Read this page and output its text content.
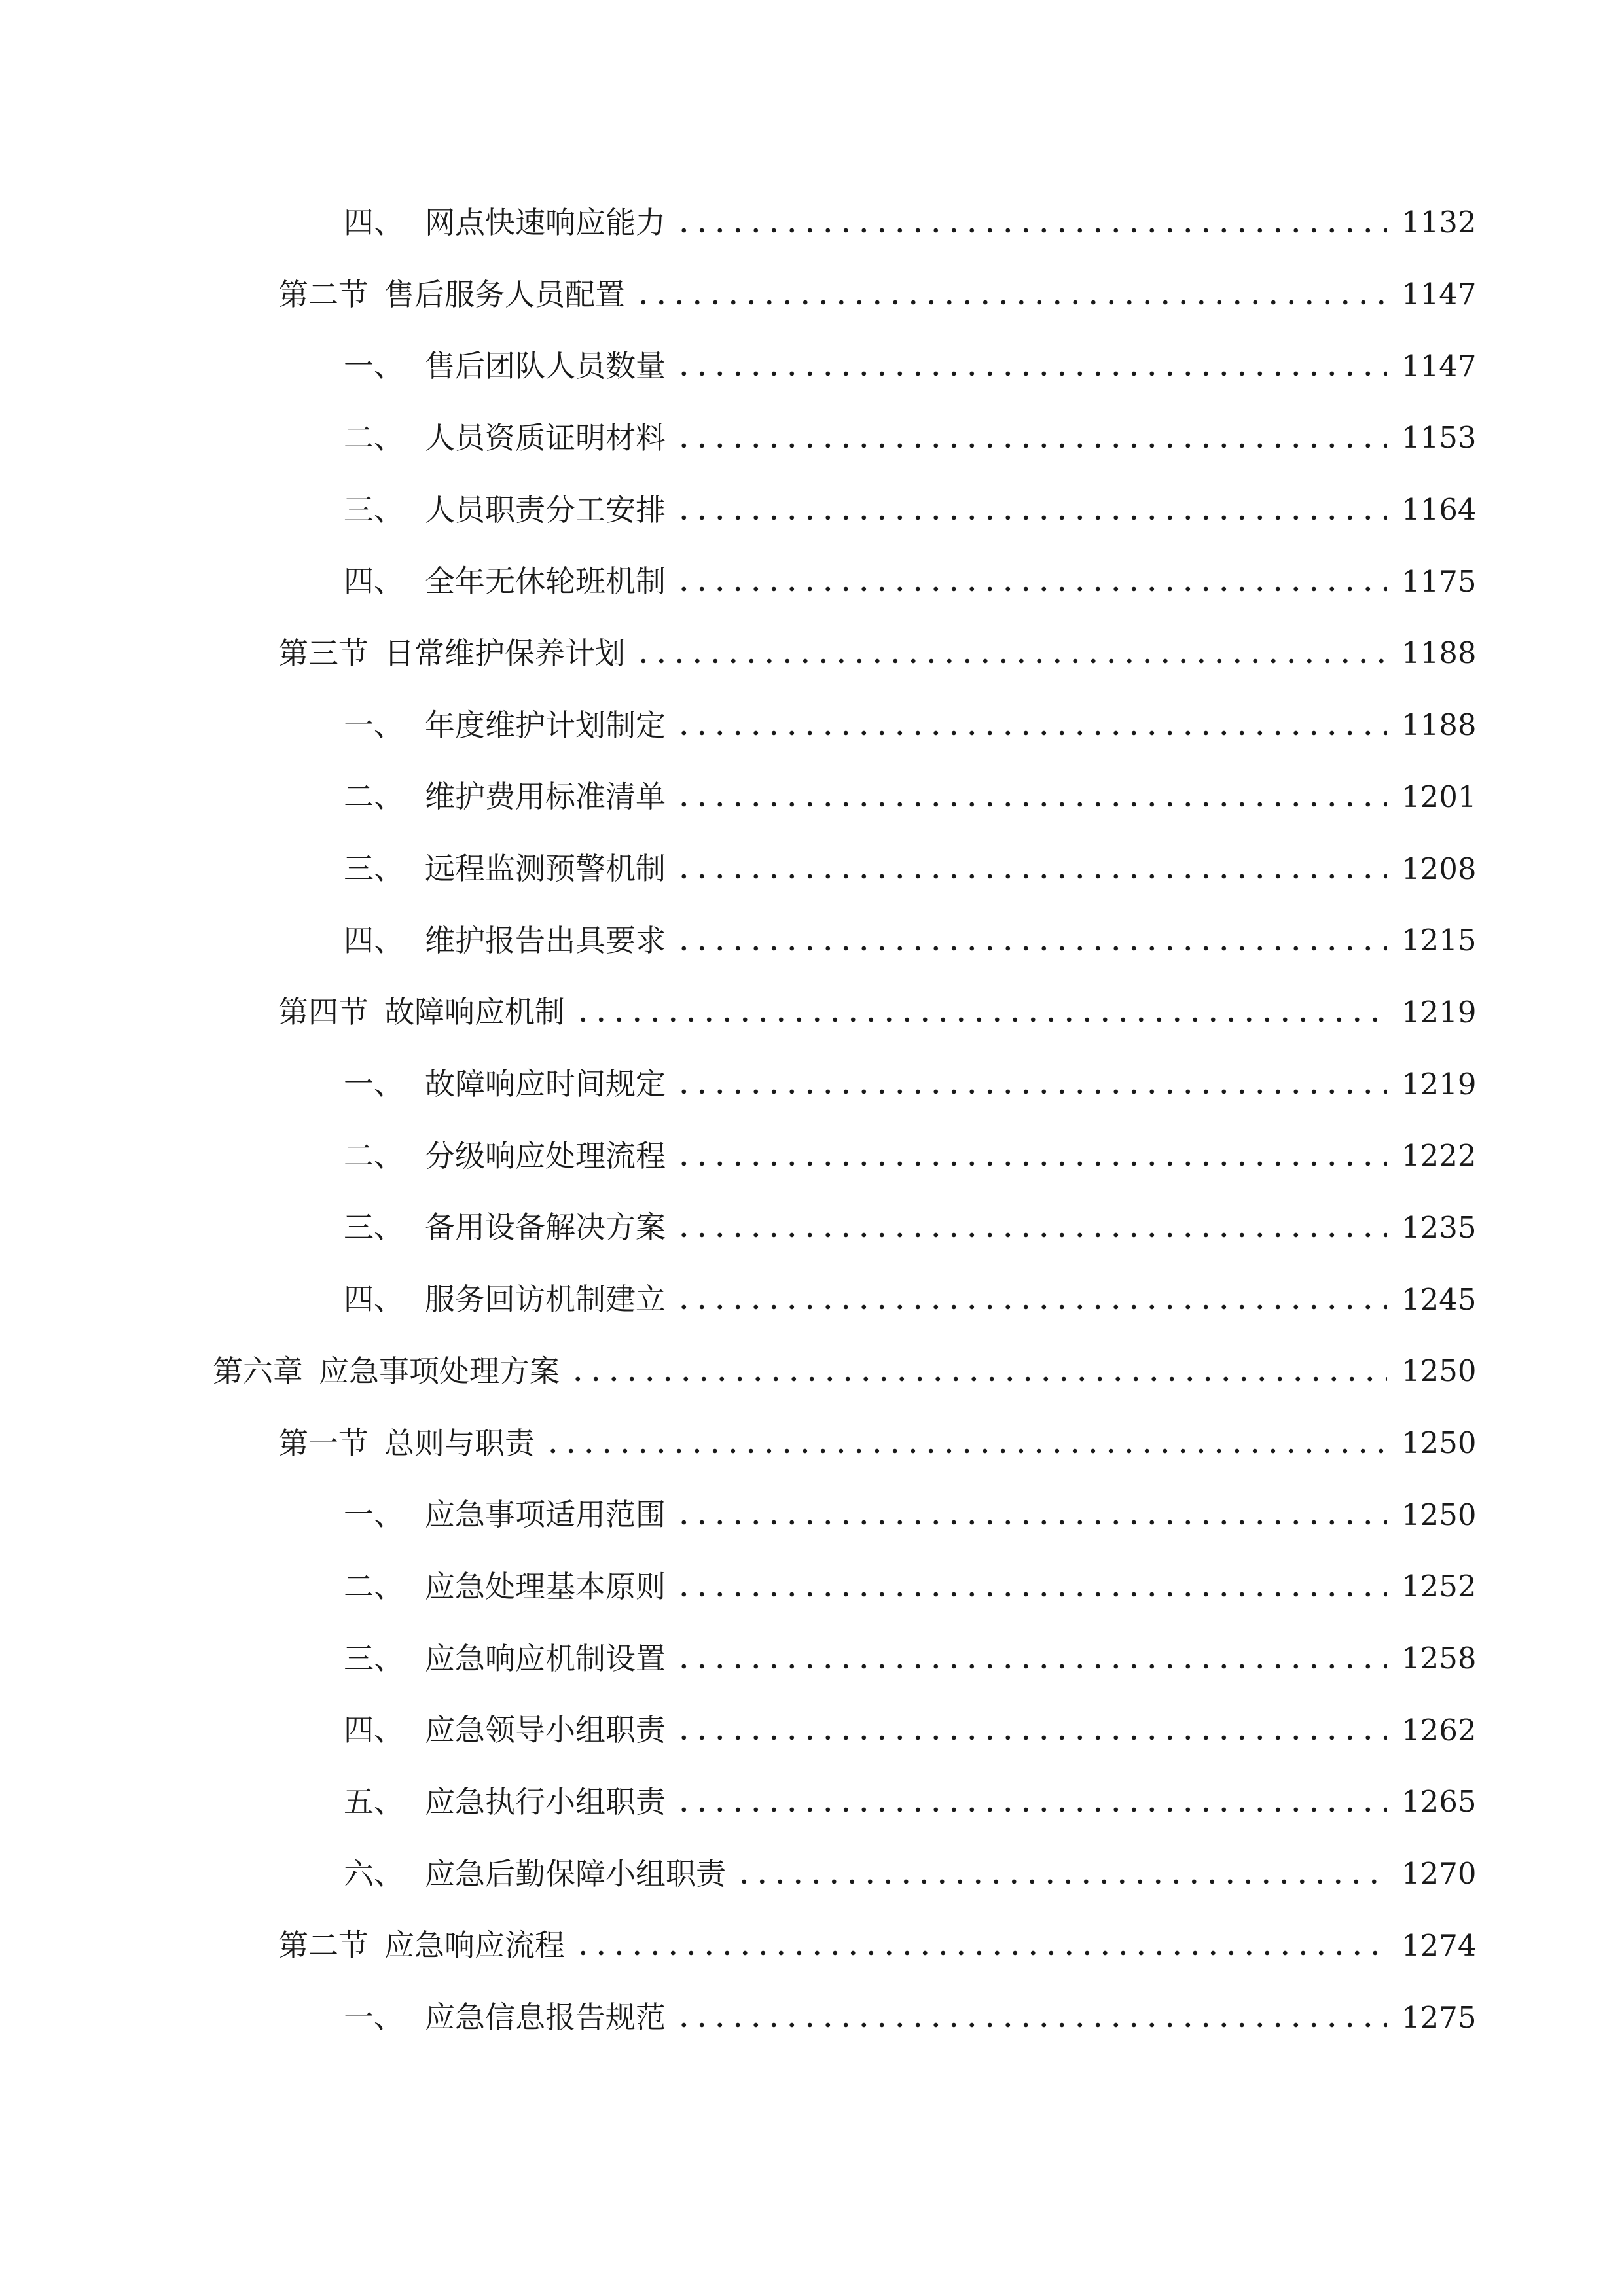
四、 网点快速响应能力	1132
第二节 售后服务人员配置	1147
一、 售后团队人员数量	1147
二、 人员资质证明材料	1153
三、 人员职责分工安排	1164
四、 全年无休轮班机制	1175
第三节 日常维护保养计划	1188
一、 年度维护计划制定	1188
二、 维护费用标准清单	1201
三、 远程监测预警机制	1208
四、 维护报告出具要求	1215
第四节 故障响应机制	1219
一、 故障响应时间规定	1219
二、 分级响应处理流程	1222
三、 备用设备解决方案	1235
四、 服务回访机制建立	1245
第六章 应急事项处理方案	1250
第一节 总则与职责	1250
一、 应急事项适用范围	1250
二、 应急处理基本原则	1252
三、 应急响应机制设置	1258
四、 应急领导小组职责	1262
五、 应急执行小组职责	1265
六、 应急后勤保障小组职责	1270
第二节 应急响应流程	1274
一、 应急信息报告规范	1275
